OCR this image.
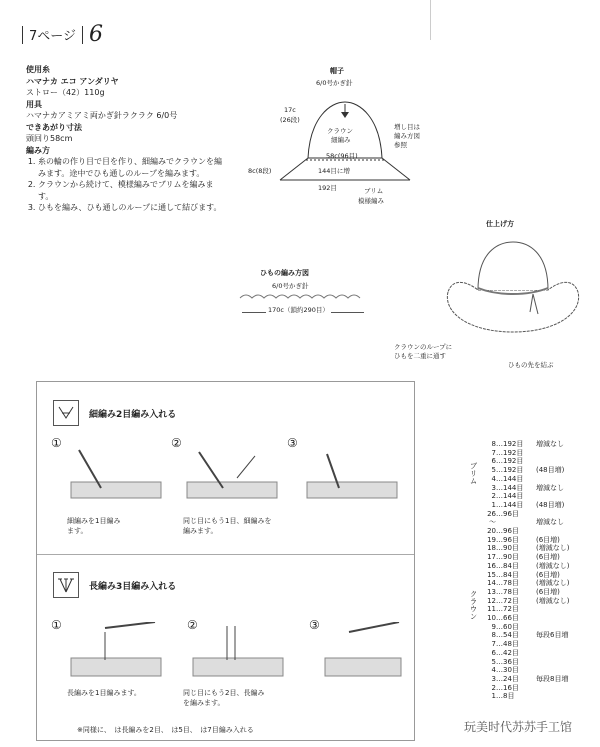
7ページ 6
使用糸
ハマナカ エコ アンダリヤ
ストロー（42）110g
用具
ハマナカアミアミ両かぎ針ラクラク 6/0号
できあがり寸法
頭回り58cm
編み方
1. 糸の輪の作り目で目を作り、細編みでクラウンを編みます。途中でひも通しのループを編みます。
2. クラウンから続けて、模様編みでブリムを編みます。
3. ひもを編み、ひも通しのループに通して結びます。
帽子
6/0号かぎ針
17c
(26段)
クラウン
細編み
増し目は
編み方図
参照
58c(96目)
8c(8段)	144目に増
192目	ブリム
模様編み
仕上げ方
クラウンのループに
ひもを二重に通す
ひもの先を結ぶ
ひもの編み方図
6/0号かぎ針
170c（鎖約290目）
細編み2目編み入れる
①	②	③
細編みを1目編み
ます。
同じ目にもう1目、細編みを
編みます。
長編み3目編み入れる
①	②	③
長編みを1目編みます。	同じ目にもう2目、長編み
を編みます。
※同様に、　は長編みを2目、　は5目、　は7目編み入れる
ブリム
クラウン
8 …192目	増減なし
7 …192目
6 …192目
5 …192目	(48目増)
4 …144目
3 …144目	増減なし
2 …144目
1 …144目	(48目増)
26 …96目
〜	増減なし
20 …96目
19 …96目	(6目増)
18 …90目	(増減なし)
17 …90目	(6目増)
16 …84目	(増減なし)
15 …84目	(6目増)
14 …78目	(増減なし)
13 …78目	(6目増)
12 …72目	(増減なし)
11 …72目
10 …66目
9 …60目
8 …54目	毎段6目増
7 …48目
6 …42目
5 …36目
4 …30目
3 …24目	毎段8目増
2 …16目
1 …8目
玩美时代苏苏手工馆
